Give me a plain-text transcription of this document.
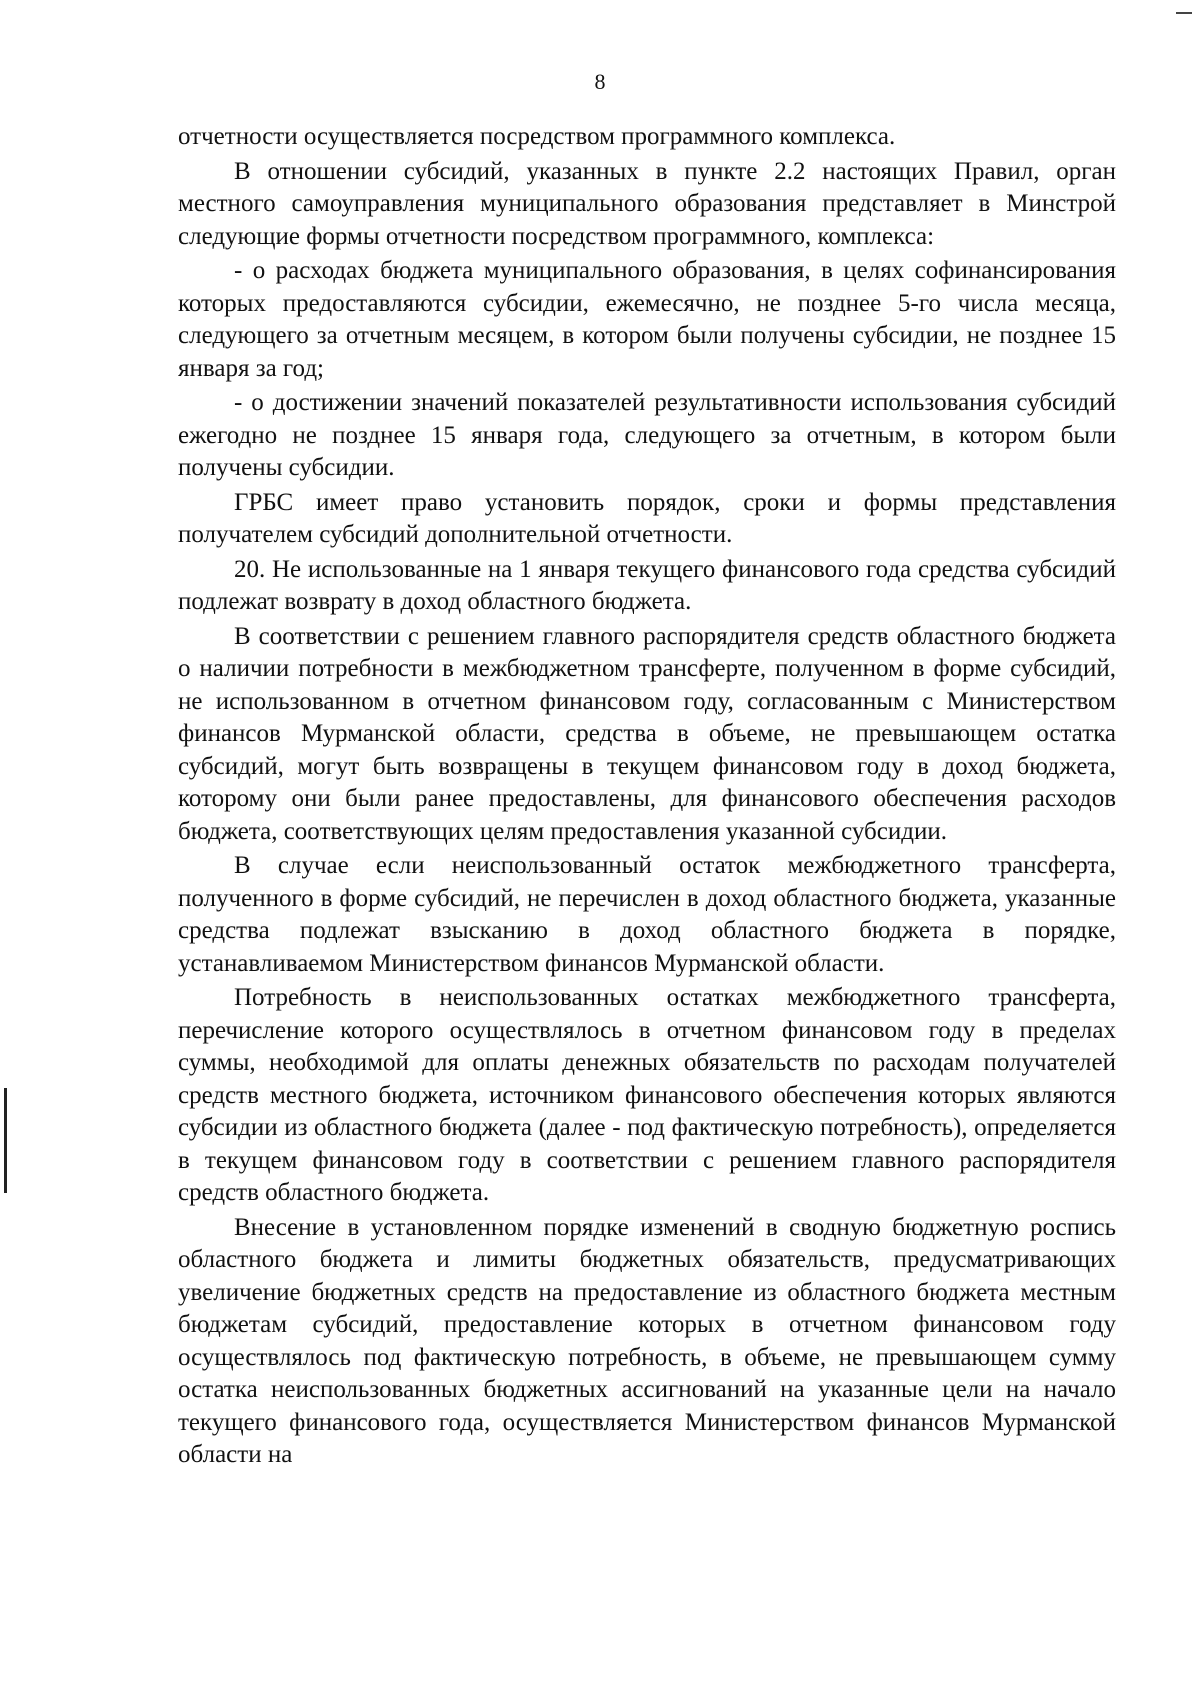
8

отчетности осуществляется посредством программного комплекса.

В отношении субсидий, указанных в пункте 2.2 настоящих Правил, орган местного самоуправления муниципального образования представляет в Минстрой следующие формы отчетности посредством программного, комплекса:

- о расходах бюджета муниципального образования, в целях софинансирования которых предоставляются субсидии, ежемесячно, не позднее 5-го числа месяца, следующего за отчетным месяцем, в котором были получены субсидии, не позднее 15 января за год;

- о достижении значений показателей результативности использования субсидий ежегодно не позднее 15 января года, следующего за отчетным, в котором были получены субсидии.

ГРБС имеет право установить порядок, сроки и формы представления получателем субсидий дополнительной отчетности.

20. Не использованные на 1 января текущего финансового года средства субсидий подлежат возврату в доход областного бюджета.

В соответствии с решением главного распорядителя средств областного бюджета о наличии потребности в межбюджетном трансферте, полученном в форме субсидий, не использованном в отчетном финансовом году, согласованным с Министерством финансов Мурманской области, средства в объеме, не превышающем остатка субсидий, могут быть возвращены в текущем финансовом году в доход бюджета, которому они были ранее предоставлены, для финансового обеспечения расходов бюджета, соответствующих целям предоставления указанной субсидии.

В случае если неиспользованный остаток межбюджетного трансферта, полученного в форме субсидий, не перечислен в доход областного бюджета, указанные средства подлежат взысканию в доход областного бюджета в порядке, устанавливаемом Министерством финансов Мурманской области.

Потребность в неиспользованных остатках межбюджетного трансферта, перечисление которого осуществлялось в отчетном финансовом году в пределах суммы, необходимой для оплаты денежных обязательств по расходам получателей средств местного бюджета, источником финансового обеспечения которых являются субсидии из областного бюджета (далее - под фактическую потребность), определяется в текущем финансовом году в соответствии с решением главного распорядителя средств областного бюджета.

Внесение в установленном порядке изменений в сводную бюджетную роспись областного бюджета и лимиты бюджетных обязательств, предусматривающих увеличение бюджетных средств на предоставление из областного бюджета местным бюджетам субсидий, предоставление которых в отчетном финансовом году осуществлялось под фактическую потребность, в объеме, не превышающем сумму остатка неиспользованных бюджетных ассигнований на указанные цели на начало текущего финансового года, осуществляется Министерством финансов Мурманской области на
